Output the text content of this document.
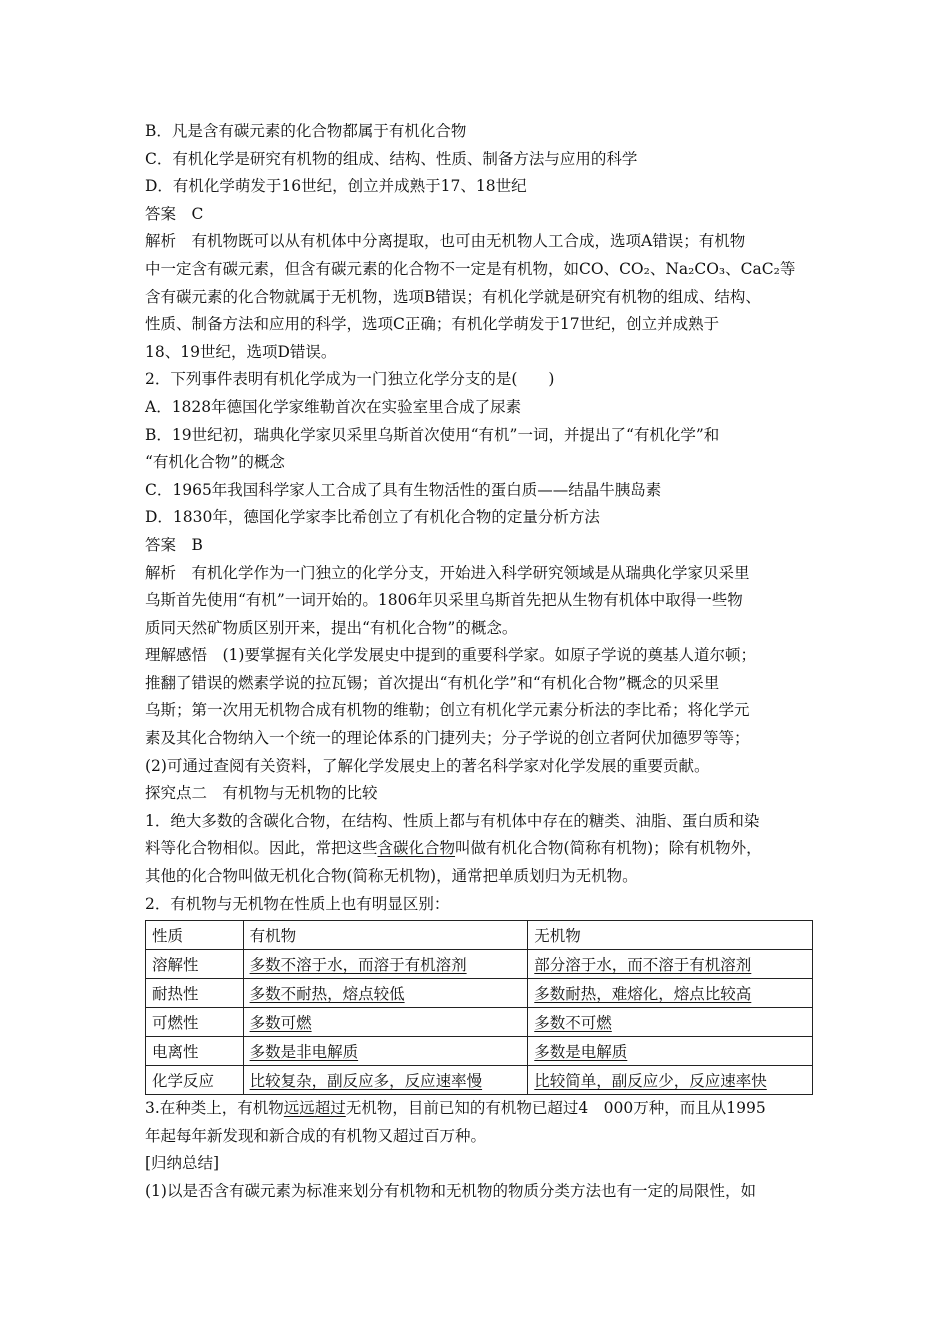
B．凡是含有碳元素的化合物都属于有机化合物
C．有机化学是研究有机物的组成、结构、性质、制备方法与应用的科学
D．有机化学萌发于16世纪，创立并成熟于17、18世纪
答案　C
解析　有机物既可以从有机体中分离提取，也可由无机物人工合成，选项A错误；有机物
中一定含有碳元素，但含有碳元素的化合物不一定是有机物，如CO、CO₂、Na₂CO₃、CaC₂等
含有碳元素的化合物就属于无机物，选项B错误；有机化学就是研究有机物的组成、结构、
性质、制备方法和应用的科学，选项C正确；有机化学萌发于17世纪，创立并成熟于
18、19世纪，选项D错误。
2．下列事件表明有机化学成为一门独立化学分支的是(　　)
A．1828年德国化学家维勒首次在实验室里合成了尿素
B．19世纪初，瑞典化学家贝采里乌斯首次使用“有机”一词，并提出了“有机化学”和
“有机化合物”的概念
C．1965年我国科学家人工合成了具有生物活性的蛋白质——结晶牛胰岛素
D．1830年，德国化学家李比希创立了有机化合物的定量分析方法
答案　B
解析　有机化学作为一门独立的化学分支，开始进入科学研究领域是从瑞典化学家贝采里
乌斯首先使用“有机”一词开始的。1806年贝采里乌斯首先把从生物有机体中取得一些物
质同天然矿物质区别开来，提出“有机化合物”的概念。
理解感悟　(1)要掌握有关化学发展史中提到的重要科学家。如原子学说的奠基人道尔顿；
推翻了错误的燃素学说的拉瓦锡；首次提出“有机化学”和“有机化合物”概念的贝采里
乌斯；第一次用无机物合成有机物的维勒；创立有机化学元素分析法的李比希；将化学元
素及其化合物纳入一个统一的理论体系的门捷列夫；分子学说的创立者阿伏加德罗等等；
(2)可通过查阅有关资料，了解化学发展史上的著名科学家对化学发展的重要贡献。
探究点二　有机物与无机物的比较
1．绝大多数的含碳化合物，在结构、性质上都与有机体中存在的糖类、油脂、蛋白质和染
料等化合物相似。因此，常把这些含碳化合物叫做有机化合物(简称有机物)；除有机物外，
其他的化合物叫做无机化合物(简称无机物)，通常把单质划归为无机物。
2．有机物与无机物在性质上也有明显区别：
性质	有机物	无机物
溶解性	多数不溶于水，而溶于有机溶剂	部分溶于水，而不溶于有机溶剂
耐热性	多数不耐热，熔点较低	多数耐热，难熔化，熔点比较高
可燃性	多数可燃	多数不可燃
电离性	多数是非电解质	多数是电解质
化学反应	比较复杂，副反应多，反应速率慢	比较简单，副反应少，反应速率快
3.在种类上，有机物远远超过无机物，目前已知的有机物已超过4　000万种，而且从1995
年起每年新发现和新合成的有机物又超过百万种。
[归纳总结]
(1)以是否含有碳元素为标准来划分有机物和无机物的物质分类方法也有一定的局限性，如
